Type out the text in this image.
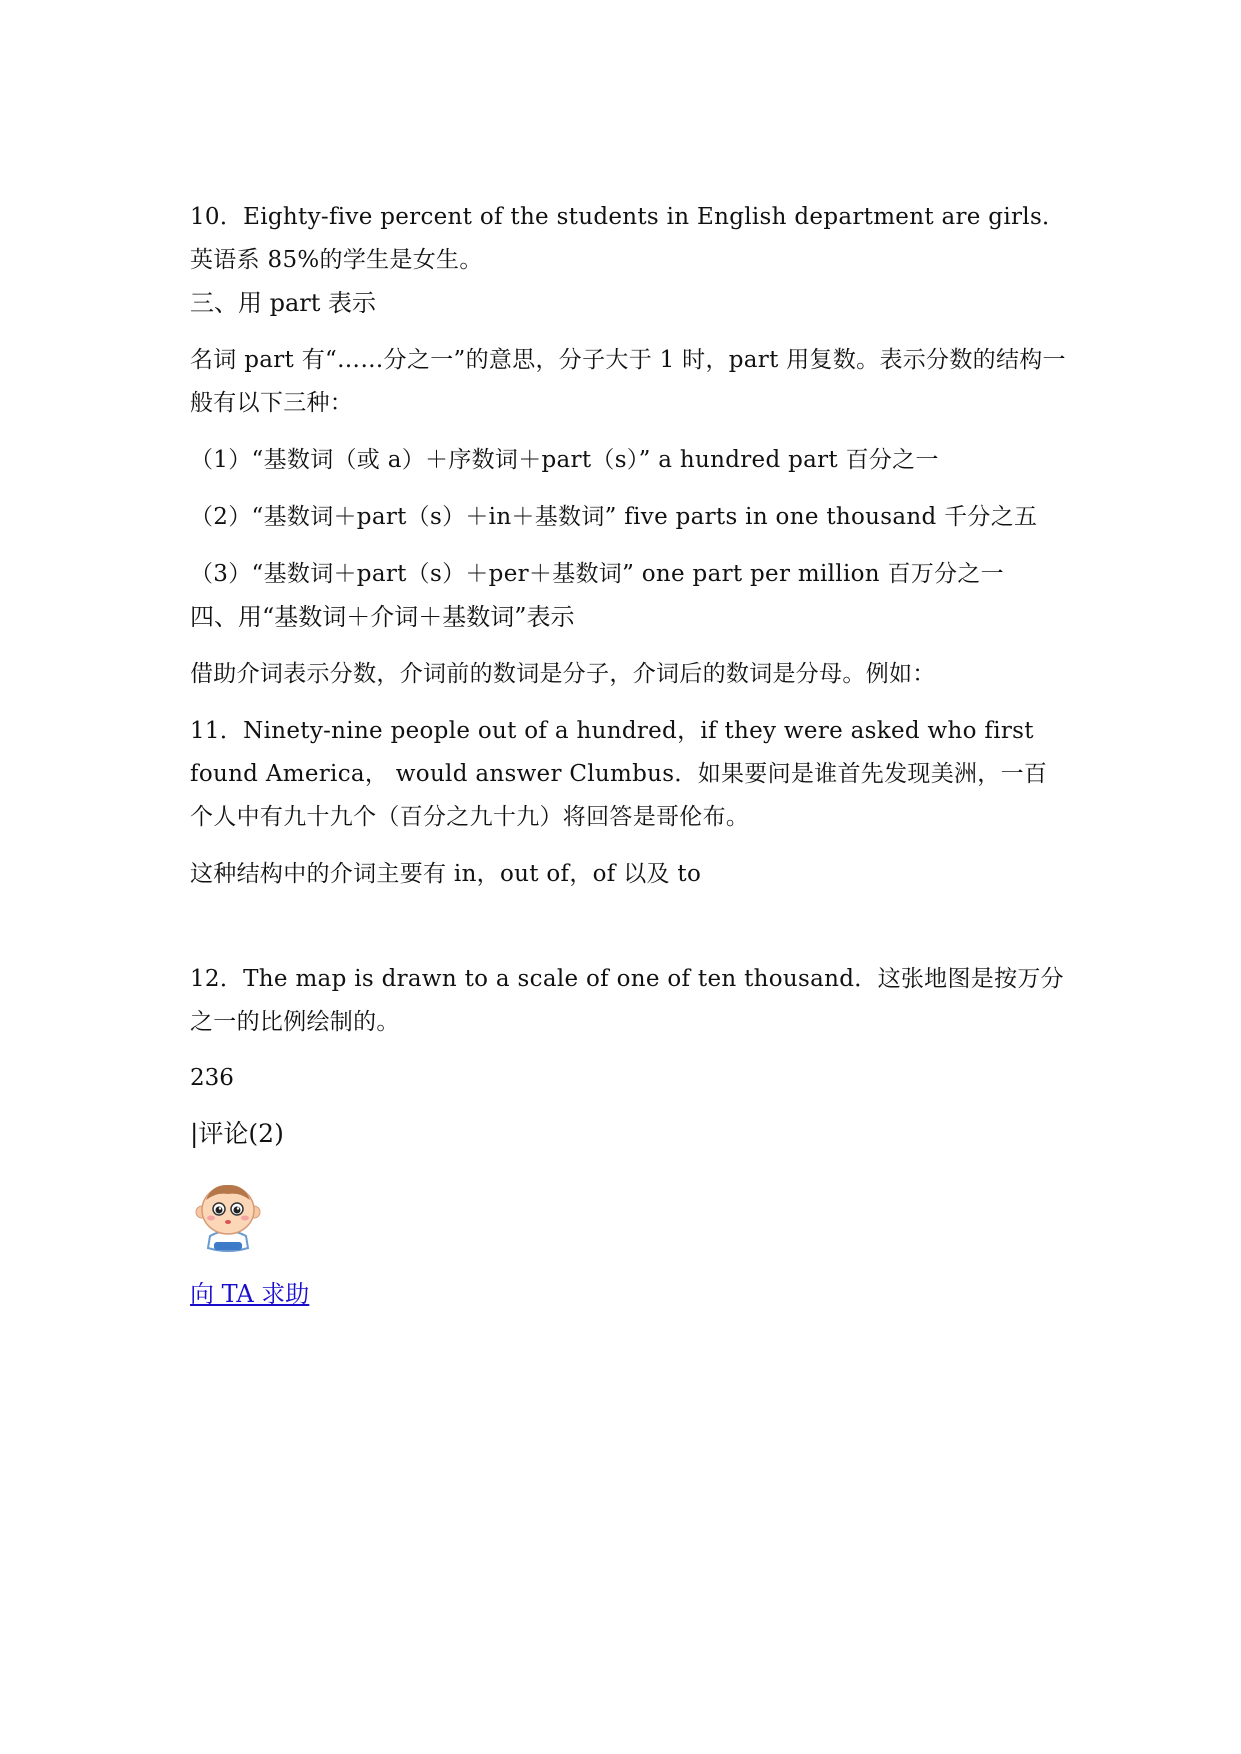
10．Eighty-five percent of the students in English department are girls．英语系 85%的学生是女生。

三、用 part 表示

名词 part 有“……分之一”的意思，分子大于 1 时，part 用复数。表示分数的结构一般有以下三种：

（1）“基数词（或 a）＋序数词＋part（s）” a hundred part 百分之一

（2）“基数词＋part（s）＋in＋基数词” five parts in one thousand 千分之五

（3）“基数词＋part（s）＋per＋基数词” one part per million 百万分之一

四、用“基数词＋介词＋基数词”表示

借助介词表示分数，介词前的数词是分子，介词后的数词是分母。例如：

11．Ninety-nine people out of a hundred，if they were asked who first found America， would answer Clumbus．如果要问是谁首先发现美洲，一百个人中有九十九个（百分之九十九）将回答是哥伦布。

这种结构中的介词主要有 in，out of，of 以及 to

12．The map is drawn to a scale of one of ten thousand．这张地图是按万分之一的比例绘制的。

236
|评论(2)
向 TA 求助
